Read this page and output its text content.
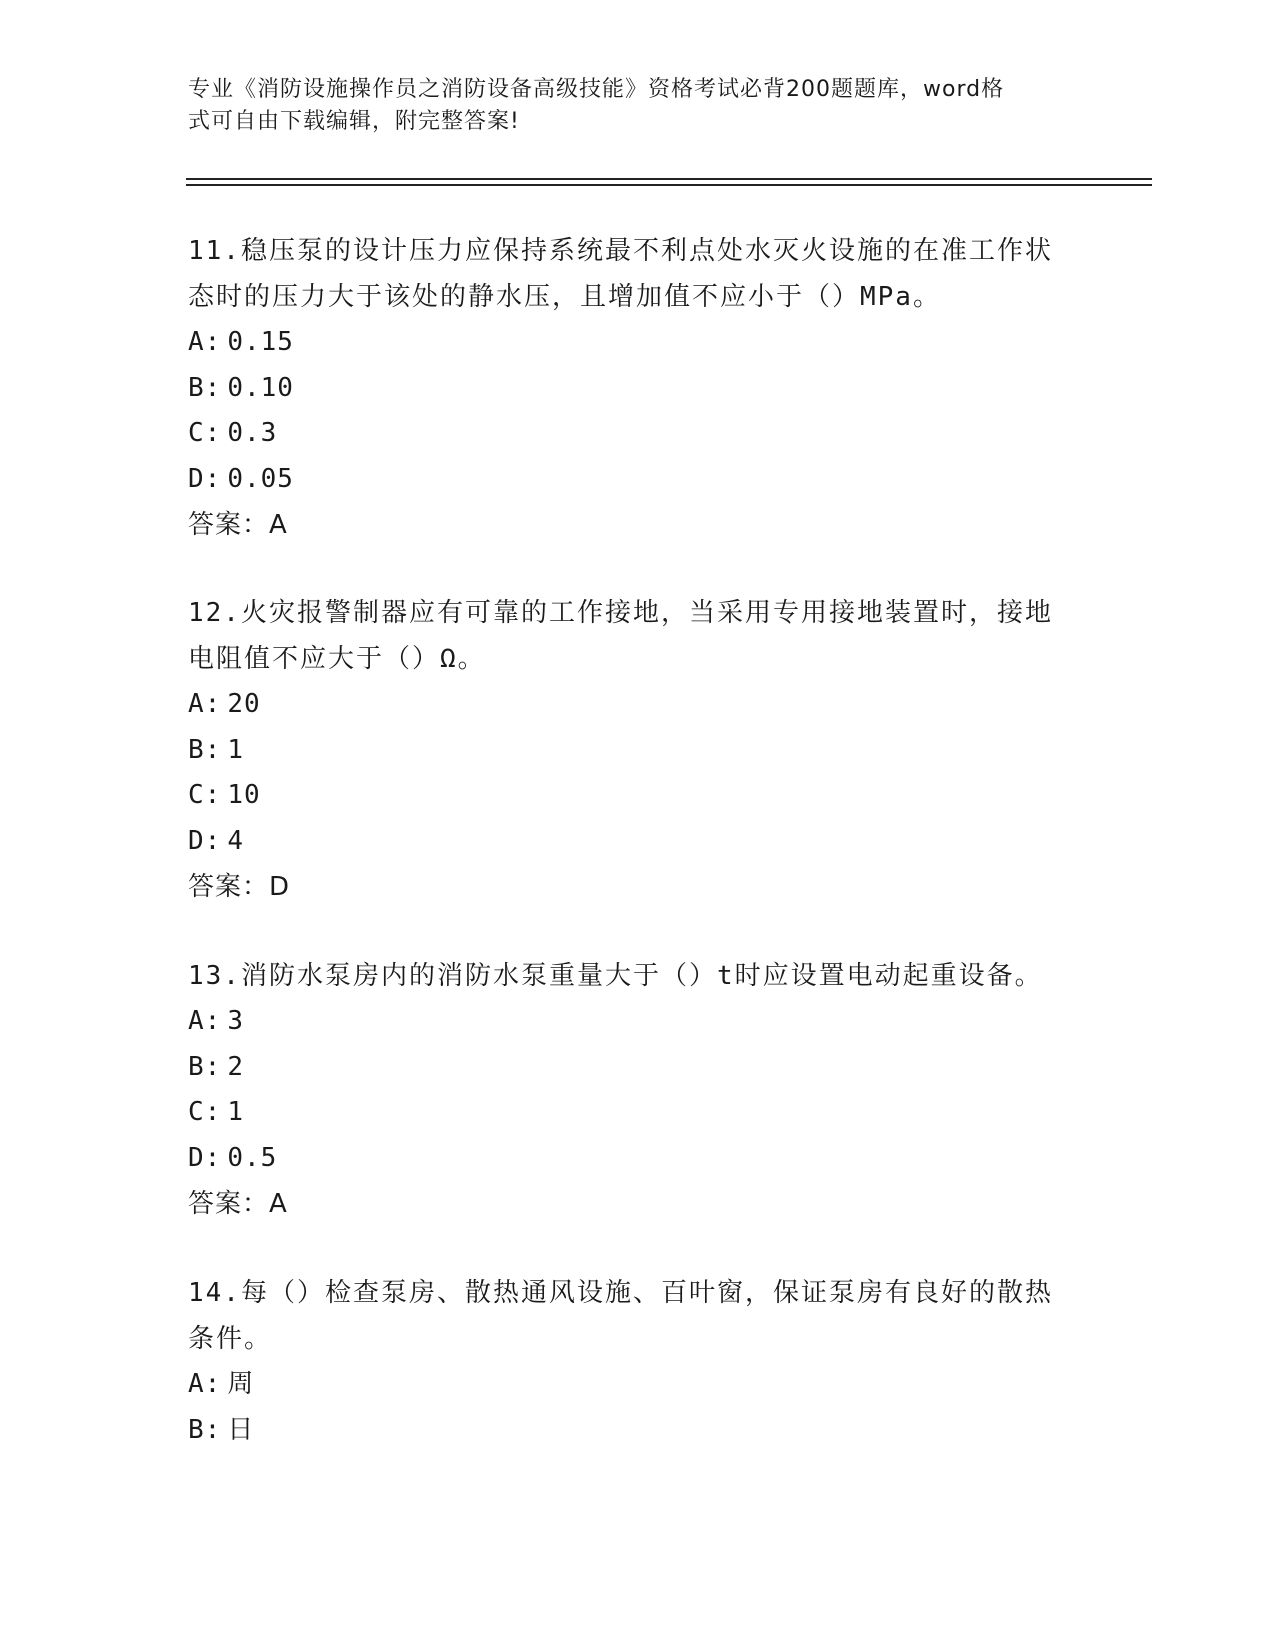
专业《消防设施操作员之消防设备高级技能》资格考试必背200题题库，word格
式可自由下载编辑，附完整答案!

11.稳压泵的设计压力应保持系统最不利点处水灭火设施的在准工作状

态时的压力大于该处的静水压，且增加值不应小于（）MPa。

A: 0.15

B: 0.10

C: 0.3

D: 0.05

答案：A

12.火灾报警制器应有可靠的工作接地，当采用专用接地装置时，接地

电阻值不应大于（）Ω。

A: 20

B: 1

C: 10

D: 4

答案：D

13.消防水泵房内的消防水泵重量大于（）t时应设置电动起重设备。

A: 3

B: 2

C: 1

D: 0.5

答案：A

14.每（）检查泵房、散热通风设施、百叶窗，保证泵房有良好的散热

条件。

A: 周

B: 日
